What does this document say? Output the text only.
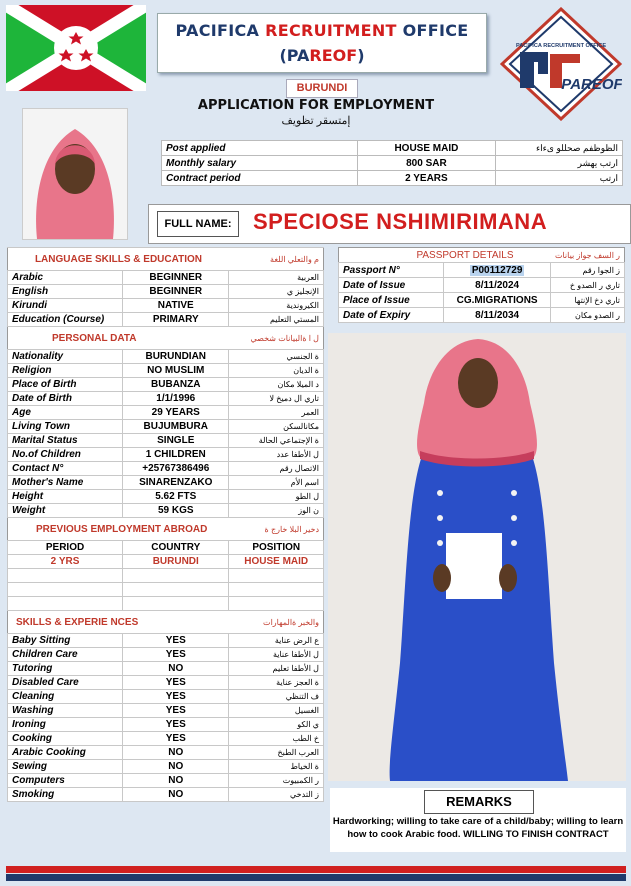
PACIFICA RECRUITMENT OFFICE
(PAREOF)
BURUNDI
APPLICATION FOR EMPLOYMENT
إمتسقر تظويف
PACIFICA RECRUITMENT OFFICE
PAREOF
Post applied	HOUSE MAID	الظوظفم صحللو ىءاء
Monthly salary	800 SAR	ارتب يهشر
Contract period	2 YEARS	ارتب
FULL NAME: SPECIOSE NSHIMIRIMANA
LANGUAGE SKILLS & EDUCATION		م والتعلي اللغة
Arabic	BEGINNER	العربية
English	BEGINNER	الإنجليز ي
Kirundi	NATIVE	الكيروندية
Education (Course)	PRIMARY	المستي التعليم
PERSONAL DATA		ل ا ةالبيانات شخصي
Nationality	BURUNDIAN	ة الجنسي
Religion	NO MUSLIM	ة الديان
Place of Birth	BUBANZA	د الميلا مكان
Date of Birth	1/1/1996	تاري ال دميخ لا
Age	29 YEARS	العمر
Living Town	BUJUMBURA	مكانالسكن
Marital Status	SINGLE	ة الإجتماعي الحالة
No.of Children	1 CHILDREN	ل الأطفا عدد
Contact N°	+25767386496	الاتصال رقم
Mother's Name	SINARENZAKO	اسم الأم
Height	5.62 FTS	ل الطو
Weight	59 KGS	ن الوز
PREVIOUS EMPLOYMENT ABROAD		دخير البلا خارج ة
PERIOD	COUNTRY	POSITION
2 YRS	BURUNDI	HOUSE MAID

SKILLS & EXPERIE NCES		والخبر ةالمهارات
Baby Sitting	YES	ع الرض عناية
Children Care	YES	ل الأطفا عناية
Tutoring	NO	ل الأطفا تعليم
Disabled Care	YES	ة العجز عناية
Cleaning	YES	ف التنظي
Washing	YES	الغسيل
Ironing	YES	ي الكو
Cooking	YES	خ الطب
Arabic Cooking	NO	العرب الطبخ
Sewing	NO	ة الخياط
Computers	NO	ر الكمبيوت
Smoking	NO	ز التدخي
PASSPORT DETAILS		ر السف جواز بيانات
Passport N°	P00112729	ز الجوا رقم
Date of Issue	8/11/2024	تاري ر الصدو خ
Place of Issue	CG.MIGRATIONS	تاري دخ الإنتها
Date of Expiry	8/11/2034	ر الصدو مكان
REMARKS
Hardworking; willing to take care of a child/baby; willing to learn how to cook Arabic food. WILLING TO FINISH CONTRACT
